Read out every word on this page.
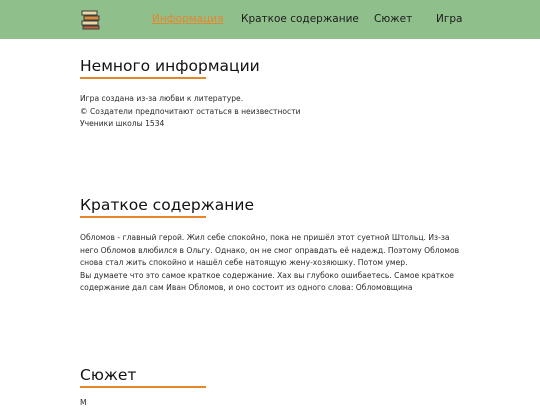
Информация Краткое содержание Сюжет Игра
Немного информации

Игра создана из-за любви к литературе.

© Создатели предпочитают остаться в неизвестности

Ученики школы 1534

Краткое содержание

Обломов - главный герой. Жил себе спокойно, пока не пришёл этот суетной Штольц. Из-за него Обломов влюбился в Ольгу. Однако, он не смог оправдать её надежд. Поэтому Обломов снова стал жить спокойно и нашёл себе натоящую жену-хозяюшку. Потом умер.

Вы думаете что это самое краткое содержание. Хах вы глубоко ошибаетесь. Самое краткое содержание дал сам Иван Обломов, и оно состоит из одного слова: Обломовщина

Сюжет
М
